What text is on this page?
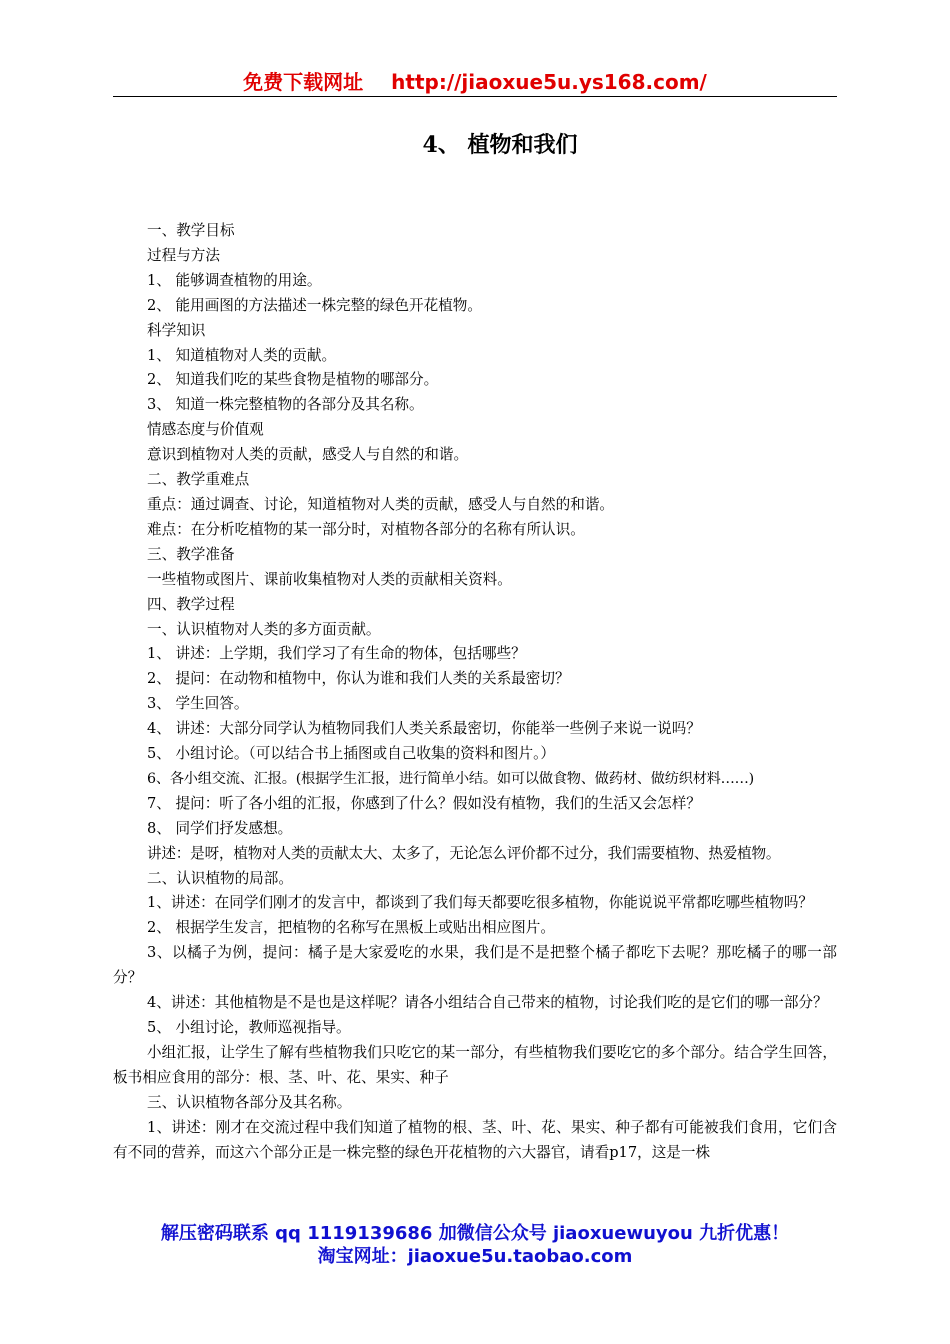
免费下载网址 http://jiaoxue5u.ys168.com/
4、 植物和我们
一、教学目标
过程与方法
1、 能够调查植物的用途。
2、 能用画图的方法描述一株完整的绿色开花植物。
科学知识
1、 知道植物对人类的贡献。
2、 知道我们吃的某些食物是植物的哪部分。
3、 知道一株完整植物的各部分及其名称。
情感态度与价值观
意识到植物对人类的贡献，感受人与自然的和谐。
二、教学重难点
重点：通过调查、讨论，知道植物对人类的贡献，感受人与自然的和谐。
难点：在分析吃植物的某一部分时，对植物各部分的名称有所认识。
三、教学准备
一些植物或图片、课前收集植物对人类的贡献相关资料。
四、教学过程
一、认识植物对人类的多方面贡献。
1、 讲述：上学期，我们学习了有生命的物体，包括哪些？
2、 提问：在动物和植物中，你认为谁和我们人类的关系最密切？
3、 学生回答。
4、 讲述：大部分同学认为植物同我们人类关系最密切，你能举一些例子来说一说吗？
5、 小组讨论。（可以结合书上插图或自己收集的资料和图片。）
6、各小组交流、汇报。(根据学生汇报，进行简单小结。如可以做食物、做药材、做纺织材料……)
7、 提问：听了各小组的汇报，你感到了什么？假如没有植物，我们的生活又会怎样？
8、 同学们抒发感想。
讲述：是呀，植物对人类的贡献太大、太多了，无论怎么评价都不过分，我们需要植物、热爱植物。
二、认识植物的局部。
1、讲述：在同学们刚才的发言中，都谈到了我们每天都要吃很多植物，你能说说平常都吃哪些植物吗？
2、 根据学生发言，把植物的名称写在黑板上或贴出相应图片。
3、以橘子为例，提问：橘子是大家爱吃的水果，我们是不是把整个橘子都吃下去呢？那吃橘子的哪一部分？
4、讲述：其他植物是不是也是这样呢？请各小组结合自己带来的植物，讨论我们吃的是它们的哪一部分？
5、 小组讨论，教师巡视指导。
小组汇报，让学生了解有些植物我们只吃它的某一部分，有些植物我们要吃它的多个部分。结合学生回答，板书相应食用的部分：根、茎、叶、花、果实、种子
三、认识植物各部分及其名称。
1、讲述：刚才在交流过程中我们知道了植物的根、茎、叶、花、果实、种子都有可能被我们食用，它们含有不同的营养，而这六个部分正是一株完整的绿色开花植物的六大器官，请看p17，这是一株
解压密码联系 qq 1119139686 加微信公众号 jiaoxuewuyou 九折优惠！
淘宝网址：jiaoxue5u.taobao.com
